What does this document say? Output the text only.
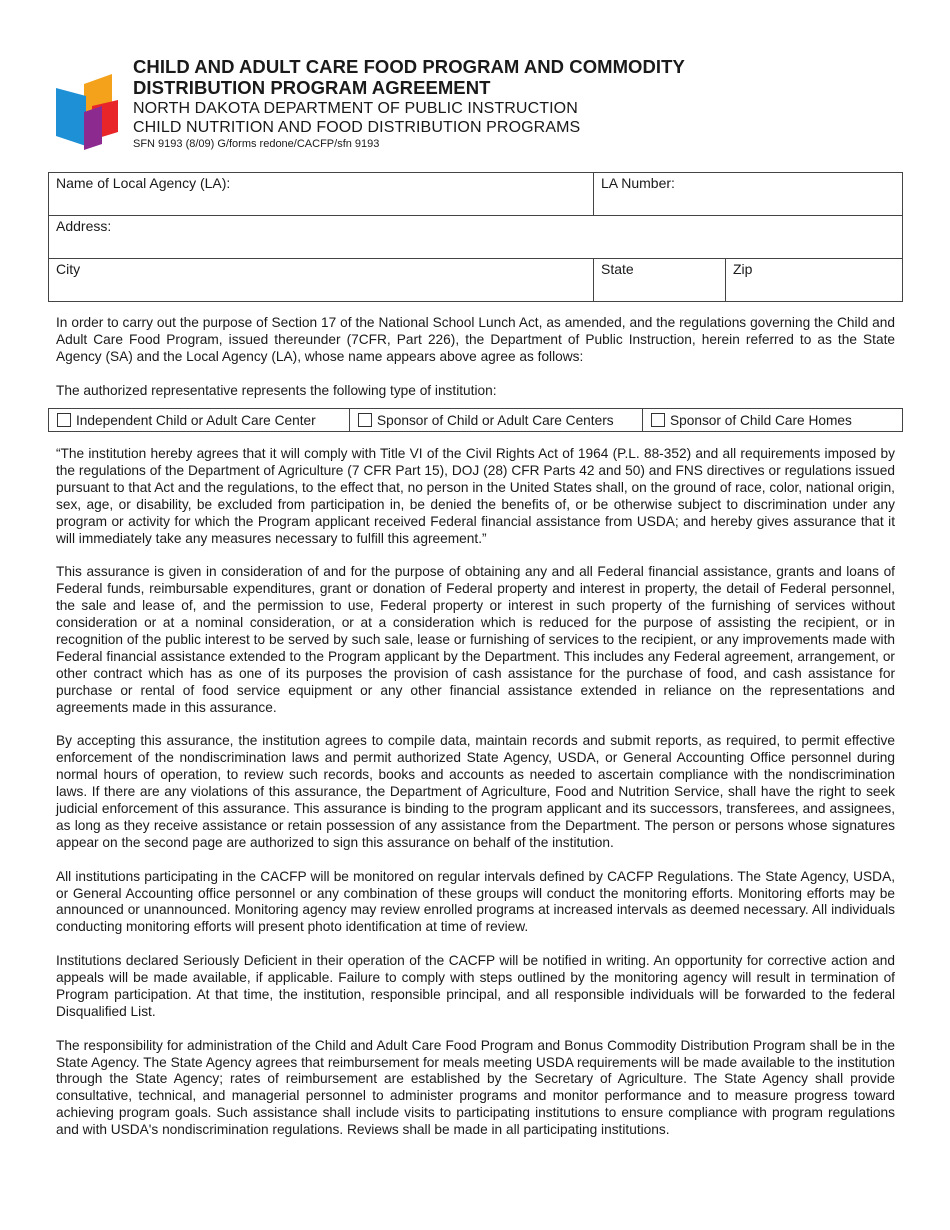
CHILD AND ADULT CARE FOOD PROGRAM AND COMMODITY
DISTRIBUTION PROGRAM AGREEMENT
NORTH DAKOTA DEPARTMENT OF PUBLIC INSTRUCTION
CHILD NUTRITION AND FOOD DISTRIBUTION PROGRAMS
SFN 9193 (8/09) G/forms redone/CACFP/sfn 9193
Name of Local Agency (LA):	LA Number:	
Address:		
City	State	Zip

In order to carry out the purpose of Section 17 of the National School Lunch Act, as amended, and the regulations governing the Child and Adult Care Food Program, issued thereunder (7CFR, Part 226), the Department of Public Instruction, herein referred to as the State Agency (SA) and the Local Agency (LA), whose name appears above agree as follows:

The authorized representative represents the following type of institution:

Independent Child or Adult Care Center	Sponsor of Child or Adult Care Centers	Sponsor of Child Care Homes

“The institution hereby agrees that it will comply with Title VI of the Civil Rights Act of 1964 (P.L. 88-352) and all requirements imposed by the regulations of the Department of Agriculture (7 CFR Part 15), DOJ (28) CFR Parts 42 and 50) and FNS directives or regulations issued pursuant to that Act and the regulations, to the effect that, no person in the United States shall, on the ground of race, color, national origin, sex, age, or disability, be excluded from participation in, be denied the benefits of, or be otherwise subject to discrimination under any program or activity for which the Program applicant received Federal financial assistance from USDA; and hereby gives assurance that it will immediately take any measures necessary to fulfill this agreement.”

This assurance is given in consideration of and for the purpose of obtaining any and all Federal financial assistance, grants and loans of Federal funds, reimbursable expenditures, grant or donation of Federal property and interest in property, the detail of Federal personnel, the sale and lease of, and the permission to use, Federal property or interest in such property of the furnishing of services without consideration or at a nominal consideration, or at a consideration which is reduced for the purpose of assisting the recipient, or in recognition of the public interest to be served by such sale, lease or furnishing of services to the recipient, or any improvements made with Federal financial assistance extended to the Program applicant by the Department. This includes any Federal agreement, arrangement, or other contract which has as one of its purposes the provision of cash assistance for the purchase of food, and cash assistance for purchase or rental of food service equipment or any other financial assistance extended in reliance on the representations and agreements made in this assurance.

By accepting this assurance, the institution agrees to compile data, maintain records and submit reports, as required, to permit effective enforcement of the nondiscrimination laws and permit authorized State Agency, USDA, or General Accounting Office personnel during normal hours of operation, to review such records, books and accounts as needed to ascertain compliance with the nondiscrimination laws. If there are any violations of this assurance, the Department of Agriculture, Food and Nutrition Service, shall have the right to seek judicial enforcement of this assurance. This assurance is binding to the program applicant and its successors, transferees, and assignees, as long as they receive assistance or retain possession of any assistance from the Department. The person or persons whose signatures appear on the second page are authorized to sign this assurance on behalf of the institution.

All institutions participating in the CACFP will be monitored on regular intervals defined by CACFP Regulations. The State Agency, USDA, or General Accounting office personnel or any combination of these groups will conduct the monitoring efforts. Monitoring efforts may be announced or unannounced. Monitoring agency may review enrolled programs at increased intervals as deemed necessary. All individuals conducting monitoring efforts will present photo identification at time of review.

Institutions declared Seriously Deficient in their operation of the CACFP will be notified in writing. An opportunity for corrective action and appeals will be made available, if applicable. Failure to comply with steps outlined by the monitoring agency will result in termination of Program participation. At that time, the institution, responsible principal, and all responsible individuals will be forwarded to the federal Disqualified List.

The responsibility for administration of the Child and Adult Care Food Program and Bonus Commodity Distribution Program shall be in the State Agency. The State Agency agrees that reimbursement for meals meeting USDA requirements will be made available to the institution through the State Agency; rates of reimbursement are established by the Secretary of Agriculture. The State Agency shall provide consultative, technical, and managerial personnel to administer programs and monitor performance and to measure progress toward achieving program goals. Such assistance shall include visits to participating institutions to ensure compliance with program regulations and with USDA's nondiscrimination regulations. Reviews shall be made in all participating institutions.
